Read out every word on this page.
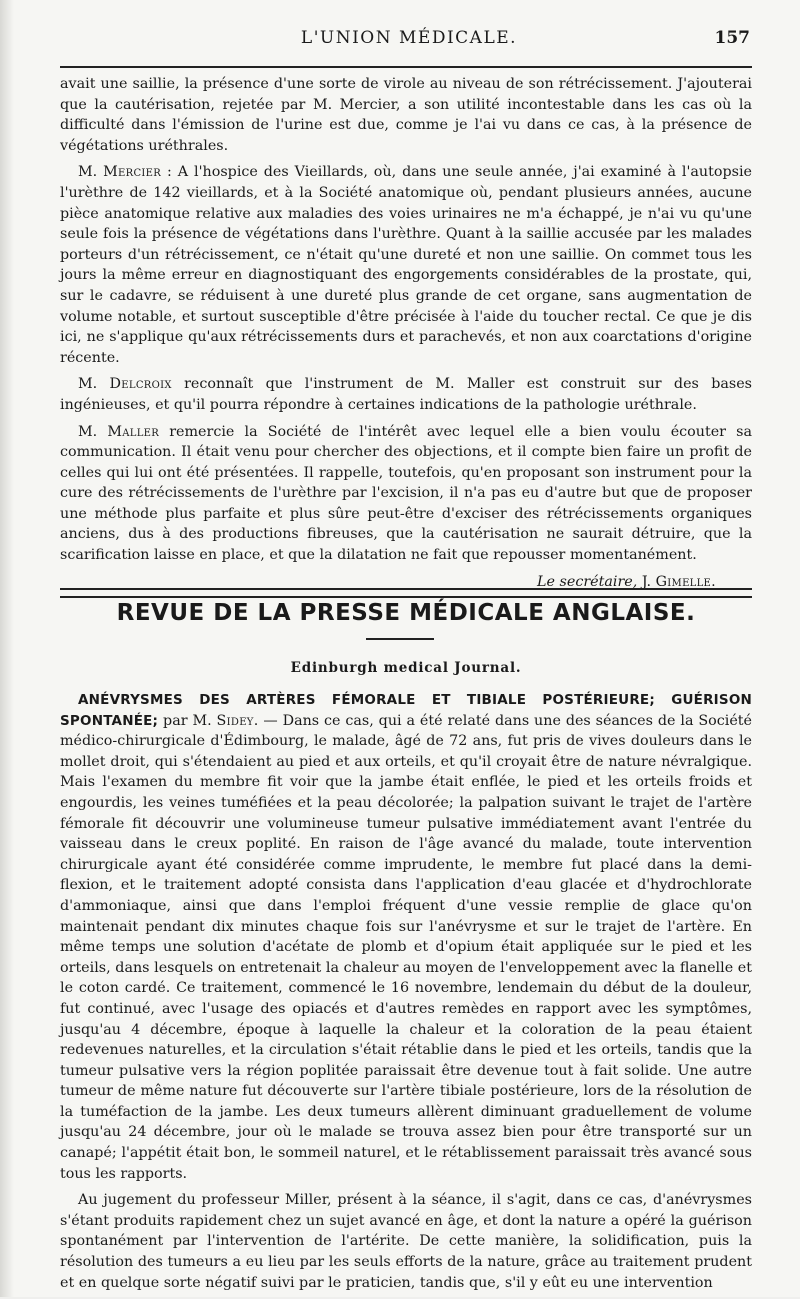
L'UNION MÉDICALE.	157

avait une saillie, la présence d'une sorte de virole au niveau de son rétrécissement. J'ajouterai que la cautérisation, rejetée par M. Mercier, a son utilité incontestable dans les cas où la difficulté dans l'émission de l'urine est due, comme je l'ai vu dans ce cas, à la présence de végétations uréthrales.

M. Mercier : A l'hospice des Vieillards, où, dans une seule année, j'ai examiné à l'autopsie l'urèthre de 142 vieillards, et à la Société anatomique où, pendant plusieurs années, aucune pièce anatomique relative aux maladies des voies urinaires ne m'a échappé, je n'ai vu qu'une seule fois la présence de végétations dans l'urèthre. Quant à la saillie accusée par les malades porteurs d'un rétrécissement, ce n'était qu'une dureté et non une saillie. On commet tous les jours la même erreur en diagnostiquant des engorgements considérables de la prostate, qui, sur le cadavre, se réduisent à une dureté plus grande de cet organe, sans augmentation de volume notable, et surtout susceptible d'être précisée à l'aide du toucher rectal. Ce que je dis ici, ne s'applique qu'aux rétrécissements durs et parachevés, et non aux coarctations d'origine récente.

M. Delcroix reconnaît que l'instrument de M. Maller est construit sur des bases ingénieuses, et qu'il pourra répondre à certaines indications de la pathologie uréthrale.

M. Maller remercie la Société de l'intérêt avec lequel elle a bien voulu écouter sa communication. Il était venu pour chercher des objections, et il compte bien faire un profit de celles qui lui ont été présentées. Il rappelle, toutefois, qu'en proposant son instrument pour la cure des rétrécissements de l'urèthre par l'excision, il n'a pas eu d'autre but que de proposer une méthode plus parfaite et plus sûre peut-être d'exciser des rétrécissements organiques anciens, dus à des productions fibreuses, que la cautérisation ne saurait détruire, que la scarification laisse en place, et que la dilatation ne fait que repousser momentanément.

Le secrétaire, J. Gimelle.
REVUE DE LA PRESSE MÉDICALE ANGLAISE.
Edinburgh medical Journal.

ANÉVRYSMES DES ARTÈRES FÉMORALE ET TIBIALE POSTÉRIEURE; GUÉRISON SPONTANÉE; par M. Sidey. — Dans ce cas, qui a été relaté dans une des séances de la Société médico-chirurgicale d'Édimbourg, le malade, âgé de 72 ans, fut pris de vives douleurs dans le mollet droit, qui s'étendaient au pied et aux orteils, et qu'il croyait être de nature névralgique. Mais l'examen du membre fit voir que la jambe était enflée, le pied et les orteils froids et engourdis, les veines tuméfiées et la peau décolorée; la palpation suivant le trajet de l'artère fémorale fit découvrir une volumineuse tumeur pulsative immédiatement avant l'entrée du vaisseau dans le creux poplité. En raison de l'âge avancé du malade, toute intervention chirurgicale ayant été considérée comme imprudente, le membre fut placé dans la demi-flexion, et le traitement adopté consista dans l'application d'eau glacée et d'hydrochlorate d'ammoniaque, ainsi que dans l'emploi fréquent d'une vessie remplie de glace qu'on maintenait pendant dix minutes chaque fois sur l'anévrysme et sur le trajet de l'artère. En même temps une solution d'acétate de plomb et d'opium était appliquée sur le pied et les orteils, dans lesquels on entretenait la chaleur au moyen de l'enveloppement avec la flanelle et le coton cardé. Ce traitement, commencé le 16 novembre, lendemain du début de la douleur, fut continué, avec l'usage des opiacés et d'autres remèdes en rapport avec les symptômes, jusqu'au 4 décembre, époque à laquelle la chaleur et la coloration de la peau étaient redevenues naturelles, et la circulation s'était rétablie dans le pied et les orteils, tandis que la tumeur pulsative vers la région poplitée paraissait être devenue tout à fait solide. Une autre tumeur de même nature fut découverte sur l'artère tibiale postérieure, lors de la résolution de la tuméfaction de la jambe. Les deux tumeurs allèrent diminuant graduellement de volume jusqu'au 24 décembre, jour où le malade se trouva assez bien pour être transporté sur un canapé; l'appétit était bon, le sommeil naturel, et le rétablissement paraissait très avancé sous tous les rapports.

Au jugement du professeur Miller, présent à la séance, il s'agit, dans ce cas, d'anévrysmes s'étant produits rapidement chez un sujet avancé en âge, et dont la nature a opéré la guérison spontanément par l'intervention de l'artérite. De cette manière, la solidification, puis la résolution des tumeurs a eu lieu par les seuls efforts de la nature, grâce au traitement prudent et en quelque sorte négatif suivi par le praticien, tandis que, s'il y eût eu une intervention
